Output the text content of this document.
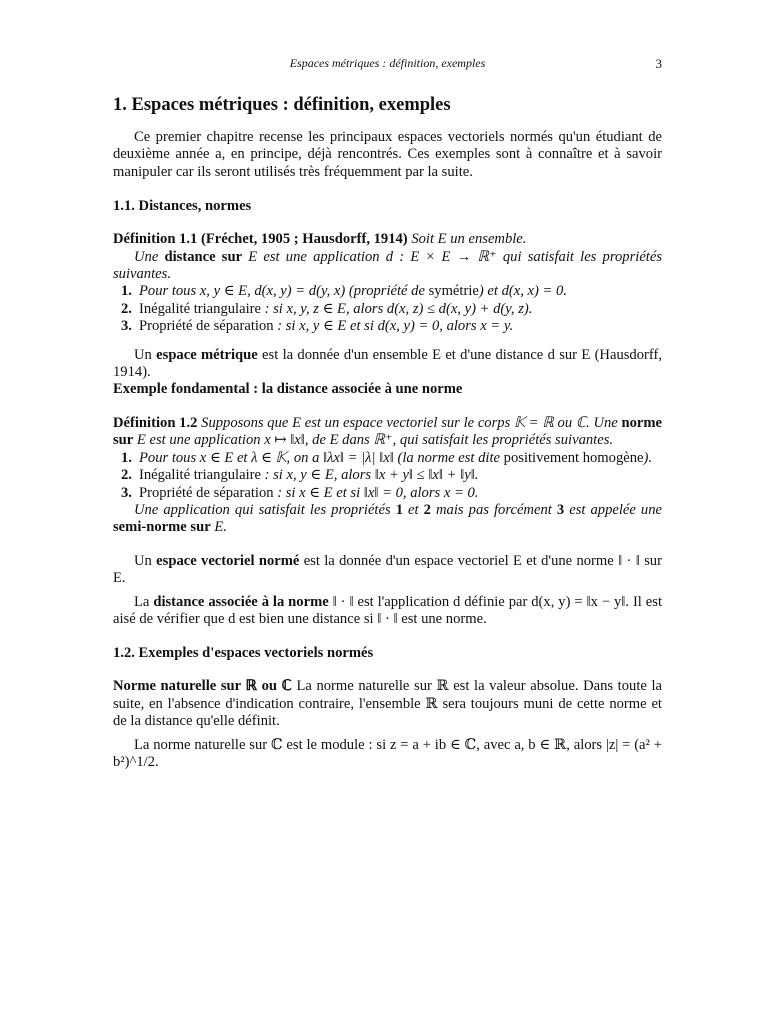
Espaces métriques : définition, exemples	3
1. Espaces métriques : définition, exemples

Ce premier chapitre recense les principaux espaces vectoriels normés qu'un étudiant de deuxième année a, en principe, déjà rencontrés. Ces exemples sont à connaître et à savoir manipuler car ils seront utilisés très fréquemment par la suite.

1.1. Distances, normes

Définition 1.1 (Fréchet, 1905 ; Hausdorff, 1914) Soit E un ensemble.

Une distance sur E est une application d : E × E → ℝ⁺ qui satisfait les propriétés suivantes.

1. Pour tous x, y ∈ E, d(x, y) = d(y, x) (propriété de symétrie) et d(x, x) = 0.
2. Inégalité triangulaire : si x, y, z ∈ E, alors d(x, z) ≤ d(x, y) + d(y, z).
3. Propriété de séparation : si x, y ∈ E et si d(x, y) = 0, alors x = y.

Un espace métrique est la donnée d'un ensemble E et d'une distance d sur E (Hausdorff, 1914).

Exemple fondamental : la distance associée à une norme

Définition 1.2 Supposons que E est un espace vectoriel sur le corps 𝕂 = ℝ ou ℂ. Une norme sur E est une application x ↦ ‖x‖, de E dans ℝ⁺, qui satisfait les propriétés suivantes.

1. Pour tous x ∈ E et λ ∈ 𝕂, on a ‖λx‖ = |λ| ‖x‖ (la norme est dite positivement homogène).
2. Inégalité triangulaire : si x, y ∈ E, alors ‖x + y‖ ≤ ‖x‖ + ‖y‖.
3. Propriété de séparation : si x ∈ E et si ‖x‖ = 0, alors x = 0.

Une application qui satisfait les propriétés 1 et 2 mais pas forcément 3 est appelée une semi-norme sur E.

Un espace vectoriel normé est la donnée d'un espace vectoriel E et d'une norme ‖ · ‖ sur E.

La distance associée à la norme ‖ · ‖ est l'application d définie par d(x, y) = ‖x − y‖. Il est aisé de vérifier que d est bien une distance si ‖ · ‖ est une norme.

1.2. Exemples d'espaces vectoriels normés

Norme naturelle sur ℝ ou ℂ La norme naturelle sur ℝ est la valeur absolue. Dans toute la suite, en l'absence d'indication contraire, l'ensemble ℝ sera toujours muni de cette norme et de la distance qu'elle définit.

La norme naturelle sur ℂ est le module : si z = a + ib ∈ ℂ, avec a, b ∈ ℝ, alors |z| = (a² + b²)^1/2.
